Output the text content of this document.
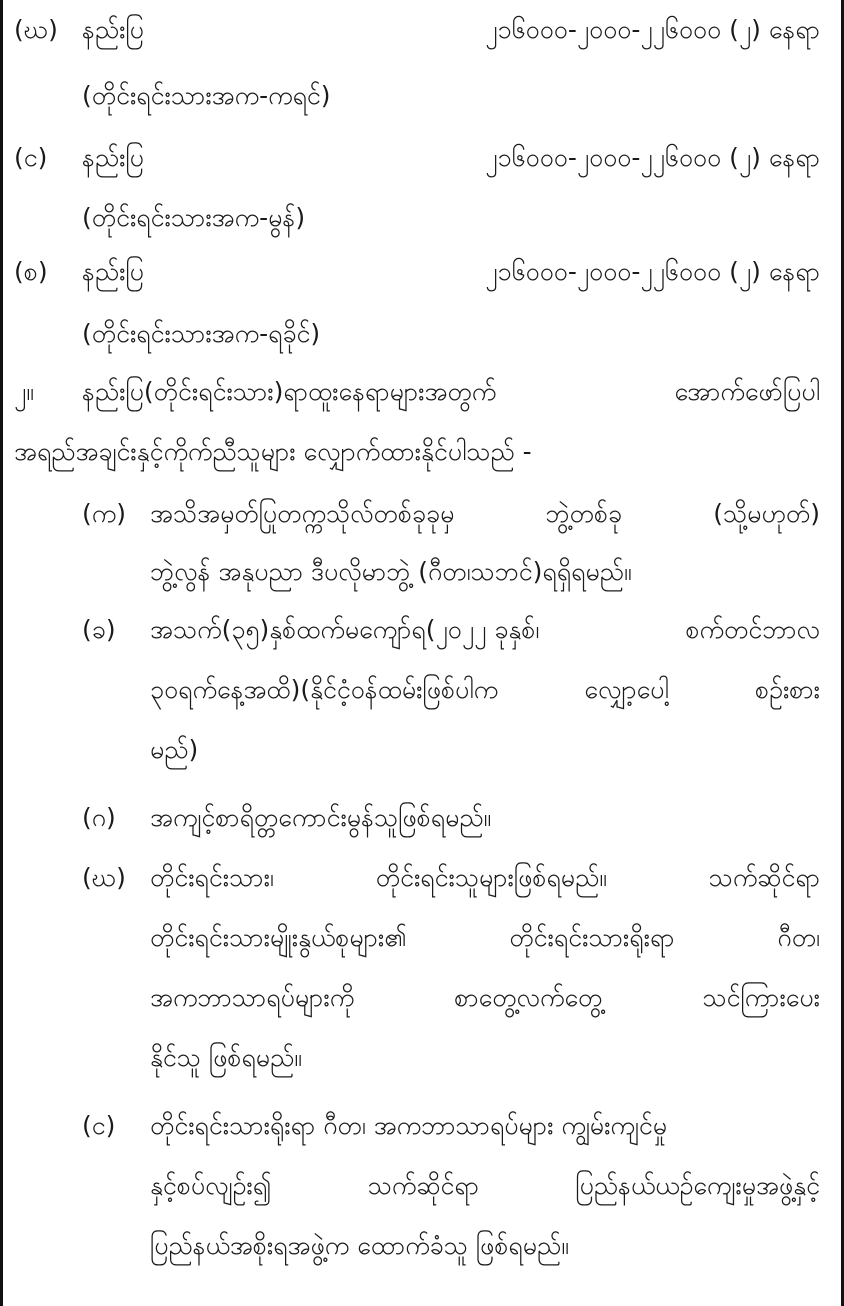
(ဃ) နည်းပြ	၂၁၆၀၀၀-၂၀၀၀-၂၂၆၀၀၀ (၂) နေရာ
(တိုင်းရင်းသားအက-ကရင်)
(င) နည်းပြ	၂၁၆၀၀၀-၂၀၀၀-၂၂၆၀၀၀ (၂) နေရာ
(တိုင်းရင်းသားအက-မွန်)
(စ) နည်းပြ	၂၁၆၀၀၀-၂၀၀၀-၂၂၆၀၀၀ (၂) နေရာ
(တိုင်းရင်းသားအက-ရခိုင်)
၂။ နည်းပြ(တိုင်းရင်းသား)ရာထူးနေရာများအတွက်	အောက်ဖော်ပြပါ
အရည်အချင်းနှင့်ကိုက်ညီသူများ လျှောက်ထားနိုင်ပါသည် -
(က) အသိအမှတ်ပြုတက္ကသိုလ်တစ်ခုခုမှ	ဘွဲ့တစ်ခု	(သို့မဟုတ်)
ဘွဲ့လွန် အနုပညာ ဒီပလိုမာဘွဲ့ (ဂီတ၊သဘင်)ရရှိရမည်။
(ခ) အသက်(၃၅)နှစ်ထက်မကျော်ရ(၂၀၂၂ ခုနှစ်၊	စက်တင်ဘာလ
၃၀ရက်နေ့အထိ)(နိုင်ငံ့ဝန်ထမ်းဖြစ်ပါက	လျှော့ပေါ့	စဉ်းစား
မည်)
(ဂ) အကျင့်စာရိတ္တကောင်းမွန်သူဖြစ်ရမည်။
(ဃ) တိုင်းရင်းသား၊	တိုင်းရင်းသူများဖြစ်ရမည်။	သက်ဆိုင်ရာ
တိုင်းရင်းသားမျိုးနွယ်စုများ၏	တိုင်းရင်းသားရိုးရာ	ဂီတ၊
အကဘာသာရပ်များကို	စာတွေ့လက်တွေ့	သင်ကြားပေး
နိုင်သူ ဖြစ်ရမည်။
(င) တိုင်းရင်းသားရိုးရာ ဂီတ၊ အကဘာသာရပ်များ ကျွမ်းကျင်မှု
နှင့်စပ်လျဉ်း၍	သက်ဆိုင်ရာ	ပြည်နယ်ယဉ်ကျေးမှုအဖွဲ့နှင့်
ပြည်နယ်အစိုးရအဖွဲ့က ထောက်ခံသူ ဖြစ်ရမည်။
